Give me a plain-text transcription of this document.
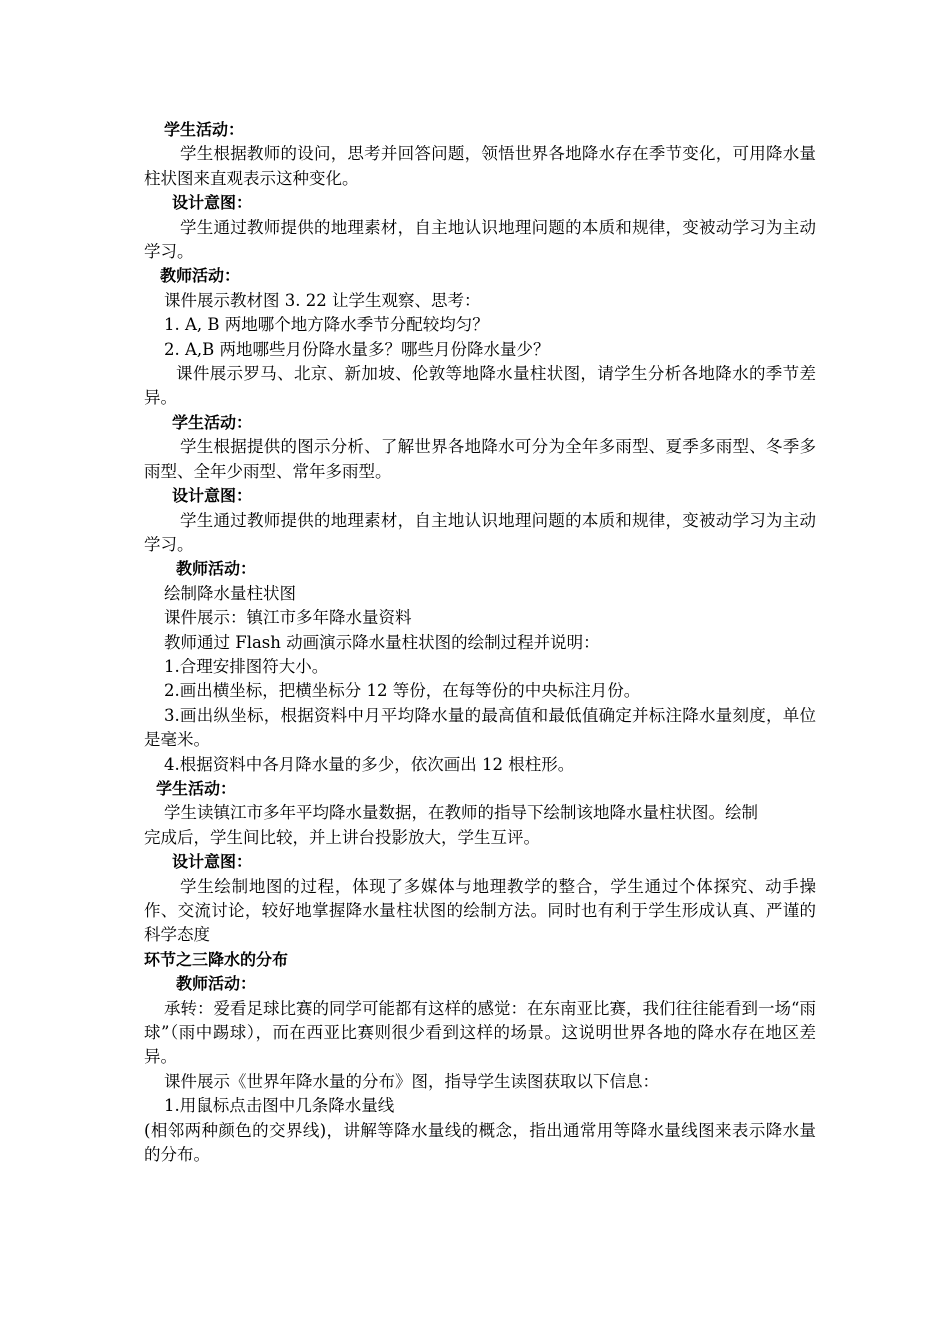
学生活动：

学生根据教师的设问，思考并回答问题，领悟世界各地降水存在季节变化，可用降水量柱状图来直观表示这种变化。

设计意图：

学生通过教师提供的地理素材，自主地认识地理问题的本质和规律，变被动学习为主动学习。

教师活动：

课件展示教材图 3. 22 让学生观察、思考：

1. A, B 两地哪个地方降水季节分配较均匀？

2. A,B 两地哪些月份降水量多？哪些月份降水量少？

课件展示罗马、北京、新加坡、伦敦等地降水量柱状图，请学生分析各地降水的季节差异。

学生活动：

学生根据提供的图示分析、了解世界各地降水可分为全年多雨型、夏季多雨型、冬季多雨型、全年少雨型、常年多雨型。

设计意图：

学生通过教师提供的地理素材，自主地认识地理问题的本质和规律，变被动学习为主动学习。

教师活动：

绘制降水量柱状图

课件展示：镇江市多年降水量资料

教师通过 Flash 动画演示降水量柱状图的绘制过程并说明：

1.合理安排图符大小。

2.画出横坐标，把横坐标分 12 等份，在每等份的中央标注月份。

3.画出纵坐标，根据资料中月平均降水量的最高值和最低值确定并标注降水量刻度，单位是毫米。

4.根据资料中各月降水量的多少，依次画出 12 根柱形。

学生活动：

学生读镇江市多年平均降水量数据，在教师的指导下绘制该地降水量柱状图。绘制

完成后，学生间比较，并上讲台投影放大，学生互评。

设计意图：

学生绘制地图的过程，体现了多媒体与地理教学的整合，学生通过个体探究、动手操作、交流讨论，较好地掌握降水量柱状图的绘制方法。同时也有利于学生形成认真、严谨的科学态度

环节之三降水的分布

教师活动：

承转：爱看足球比赛的同学可能都有这样的感觉：在东南亚比赛，我们往往能看到一场“雨球”（雨中踢球），而在西亚比赛则很少看到这样的场景。这说明世界各地的降水存在地区差异。

课件展示《世界年降水量的分布》图，指导学生读图获取以下信息：

1.用鼠标点击图中几条降水量线

(相邻两种颜色的交界线)，讲解等降水量线的概念，指出通常用等降水量线图来表示降水量的分布。
